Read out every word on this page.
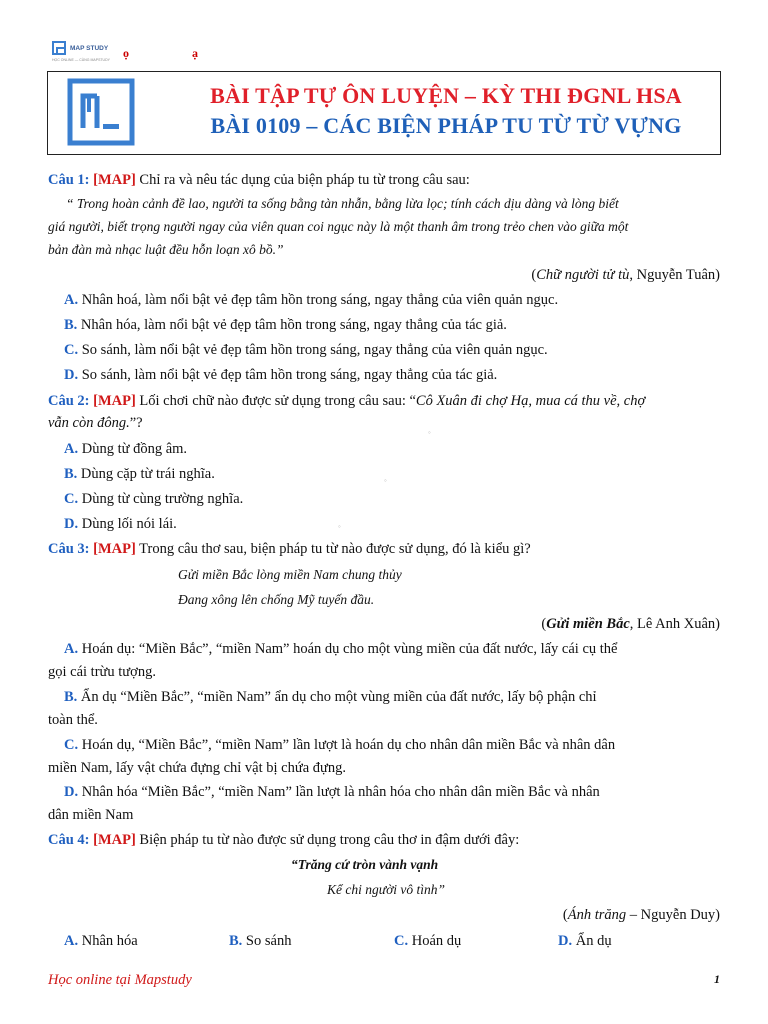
MAP STUDY
HỌC ONLINE — CÙNG MAPSTUDY ọ	ạ
BÀI TẬP TỰ ÔN LUYỆN – KỲ THI ĐGNL HSA
BÀI 0109 – CÁC BIỆN PHÁP TU TỪ TỪ VỰNG
Câu 1: [MAP] Chỉ ra và nêu tác dụng của biện pháp tu từ trong câu sau:
“ Trong hoàn cảnh đề lao, người ta sống bằng tàn nhẫn, bằng lừa lọc; tính cách dịu dàng và lòng biết
giá người, biết trọng người ngay của viên quan coi ngục này là một thanh âm trong trẻo chen vào giữa một
bản đàn mà nhạc luật đều hỗn loạn xô bồ.”
(Chữ người tử tù, Nguyễn Tuân)
A. Nhân hoá, làm nổi bật vẻ đẹp tâm hồn trong sáng, ngay thẳng của viên quản ngục.
B. Nhân hóa, làm nổi bật vẻ đẹp tâm hồn trong sáng, ngay thẳng của tác giả.
C. So sánh, làm nổi bật vẻ đẹp tâm hồn trong sáng, ngay thẳng của viên quản ngục.
D. So sánh, làm nổi bật vẻ đẹp tâm hồn trong sáng, ngay thẳng của tác giả.
Câu 2: [MAP] Lối chơi chữ nào được sử dụng trong câu sau: “Cô Xuân đi chợ Hạ, mua cá thu về, chợ
vẫn còn đông.”?
A. Dùng từ đồng âm.
B. Dùng cặp từ trái nghĩa.
C. Dùng từ cùng trường nghĩa.
D. Dùng lối nói lái.
Câu 3: [MAP] Trong câu thơ sau, biện pháp tu từ nào được sử dụng, đó là kiểu gì?
Gửi miền Bắc lòng miền Nam chung thủy
Đang xông lên chống Mỹ tuyến đầu.
(Gửi miền Bắc, Lê Anh Xuân)
A. Hoán dụ: “Miền Bắc”, “miền Nam” hoán dụ cho một vùng miền của đất nước, lấy cái cụ thể
gọi cái trừu tượng.
B. Ẩn dụ “Miền Bắc”, “miền Nam” ẩn dụ cho một vùng miền của đất nước, lấy bộ phận chỉ
toàn thể.
C. Hoán dụ, “Miền Bắc”, “miền Nam” lần lượt là hoán dụ cho nhân dân miền Bắc và nhân dân
miền Nam, lấy vật chứa đựng chỉ vật bị chứa đựng.
D. Nhân hóa “Miền Bắc”, “miền Nam” lần lượt là nhân hóa cho nhân dân miền Bắc và nhân
dân miền Nam
Câu 4: [MAP] Biện pháp tu từ nào được sử dụng trong câu thơ in đậm dưới đây:
“Trăng cứ tròn vành vạnh
Kể chi người vô tình”
(Ánh trăng – Nguyễn Duy)
A. Nhân hóa	B. So sánh	C. Hoán dụ	D. Ẩn dụ
◦
◦
◦
Học online tại Mapstudy	1
